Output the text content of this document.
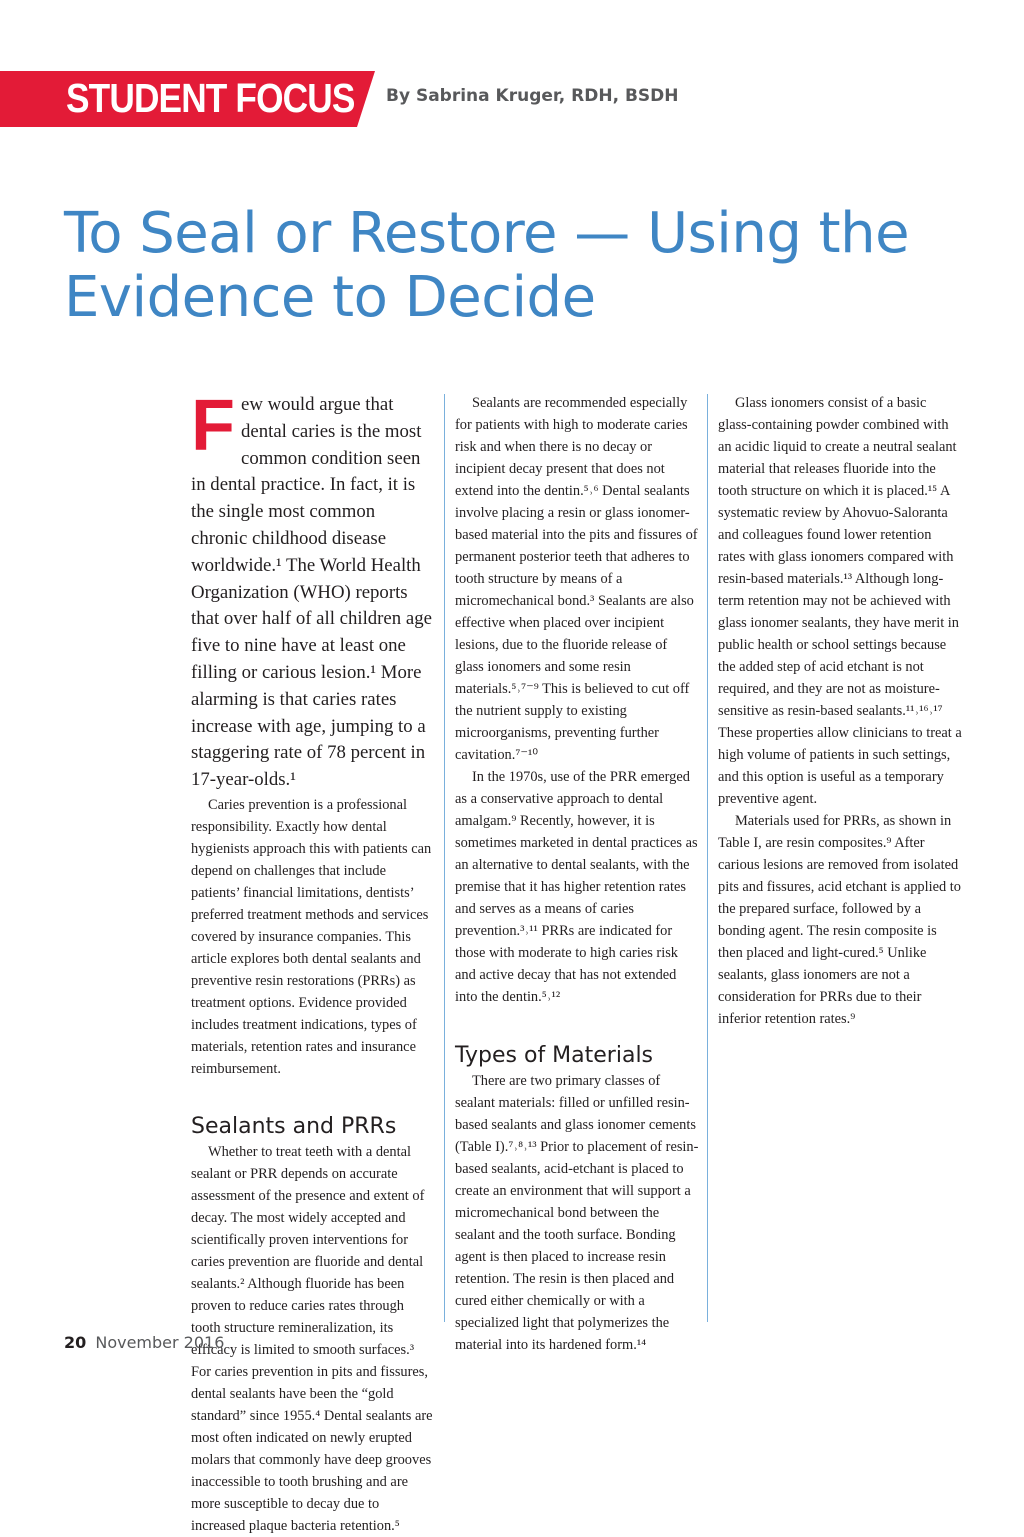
STUDENT FOCUS By Sabrina Kruger, RDH, BSDH
To Seal or Restore — Using the Evidence to Decide

Few would argue that dental caries is the most common condition seen in dental practice. In fact, it is the single most common chronic childhood disease worldwide.¹ The World Health Organization (WHO) reports that over half of all children age five to nine have at least one filling or carious lesion.¹ More alarming is that caries rates increase with age, jumping to a staggering rate of 78 percent in 17-year-olds.¹

Caries prevention is a professional responsibility. Exactly how dental hygienists approach this with patients can depend on challenges that include patients’ financial limitations, dentists’ preferred treatment methods and services covered by insurance companies. This article explores both dental sealants and preventive resin restorations (PRRs) as treatment options. Evidence provided includes treatment indications, types of materials, retention rates and insurance reimbursement.

Sealants and PRRs

Whether to treat teeth with a dental sealant or PRR depends on accurate assessment of the presence and extent of decay. The most widely accepted and scientifically proven interventions for caries prevention are fluoride and dental sealants.² Although fluoride has been proven to reduce caries rates through tooth structure remineralization, its efficacy is limited to smooth surfaces.³ For caries prevention in pits and fissures, dental sealants have been the “gold standard” since 1955.⁴ Dental sealants are most often indicated on newly erupted molars that commonly have deep grooves inaccessible to tooth brushing and are more susceptible to decay due to increased plaque bacteria retention.⁵

Sealants are recommended especially for patients with high to moderate caries risk and when there is no decay or incipient decay present that does not extend into the dentin.⁵˒⁶ Dental sealants involve placing a resin or glass ionomer-based material into the pits and fissures of permanent posterior teeth that adheres to tooth structure by means of a micromechanical bond.³ Sealants are also effective when placed over incipient lesions, due to the fluoride release of glass ionomers and some resin materials.⁵˒⁷⁻⁹ This is believed to cut off the nutrient supply to existing microorganisms, preventing further cavitation.⁷⁻¹⁰

In the 1970s, use of the PRR emerged as a conservative approach to dental amalgam.⁹ Recently, however, it is sometimes marketed in dental practices as an alternative to dental sealants, with the premise that it has higher retention rates and serves as a means of caries prevention.³˒¹¹ PRRs are indicated for those with moderate to high caries risk and active decay that has not extended into the dentin.⁵˒¹²

Types of Materials

There are two primary classes of sealant materials: filled or unfilled resin-based sealants and glass ionomer cements (Table I).⁷˒⁸˒¹³ Prior to placement of resin-based sealants, acid-etchant is placed to create an environment that will support a micromechanical bond between the sealant and the tooth surface. Bonding agent is then placed to increase resin retention. The resin is then placed and cured either chemically or with a specialized light that polymerizes the material into its hardened form.¹⁴

Glass ionomers consist of a basic glass-containing powder combined with an acidic liquid to create a neutral sealant material that releases fluoride into the tooth structure on which it is placed.¹⁵ A systematic review by Ahovuo-Saloranta and colleagues found lower retention rates with glass ionomers compared with resin-based materials.¹³ Although long-term retention may not be achieved with glass ionomer sealants, they have merit in public health or school settings because the added step of acid etchant is not required, and they are not as moisture-sensitive as resin-based sealants.¹¹˒¹⁶˒¹⁷ These properties allow clinicians to treat a high volume of patients in such settings, and this option is useful as a temporary preventive agent.

Materials used for PRRs, as shown in Table I, are resin composites.⁹ After carious lesions are removed from isolated pits and fissures, acid etchant is applied to the prepared surface, followed by a bonding agent. The resin composite is then placed and light-cured.⁵ Unlike sealants, glass ionomers are not a consideration for PRRs due to their inferior retention rates.⁹

20 November 2016
